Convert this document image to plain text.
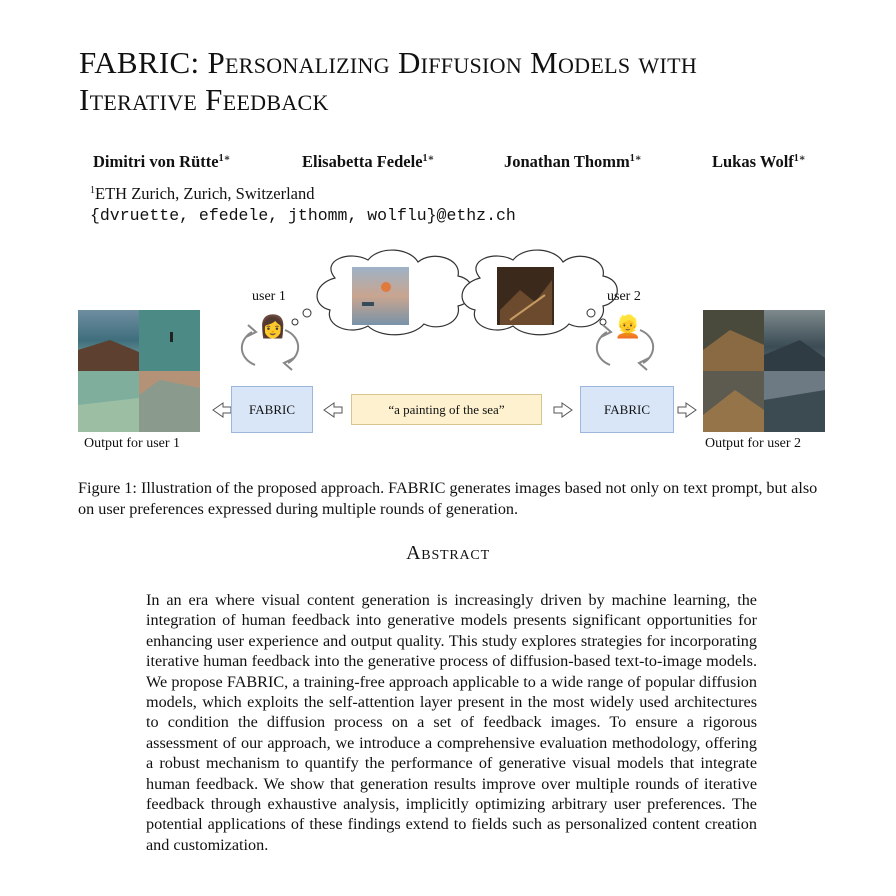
FABRIC: Personalizing Diffusion Models with
Iterative Feedback
Dimitri von Rütte$^{1∗}$	Elisabetta Fedele$^{1∗}$	Jonathan Thomm$^{1∗}$	Lukas Wolf$^{1∗}$
$^1$ETH Zurich, Zurich, Switzerland
{dvruette, efedele, jthomm, wolflu}@ethz.ch
user 1	user 2
👩	👱
FABRIC	“a painting of the sea”	FABRIC
Output for user 1	Output for user 2
Figure 1: Illustration of the proposed approach. FABRIC generates images based not only on text prompt, but also on user preferences expressed during multiple rounds of generation.
Abstract
In an era where visual content generation is increasingly driven by machine learning, the integration of human feedback into generative models presents significant opportunities for enhancing user experience and output quality. This study explores strategies for incorporating iterative human feedback into the generative process of diffusion-based text-to-image models. We propose FABRIC, a training-free approach applicable to a wide range of popular diffusion models, which exploits the self-attention layer present in the most widely used architectures to condition the diffusion process on a set of feedback images. To ensure a rigorous assessment of our approach, we introduce a comprehensive evaluation methodology, offering a robust mechanism to quantify the performance of generative visual models that integrate human feedback. We show that generation results improve over multiple rounds of iterative feedback through exhaustive analysis, implicitly optimizing arbitrary user preferences. The potential applications of these findings extend to fields such as personalized content creation and customization.
